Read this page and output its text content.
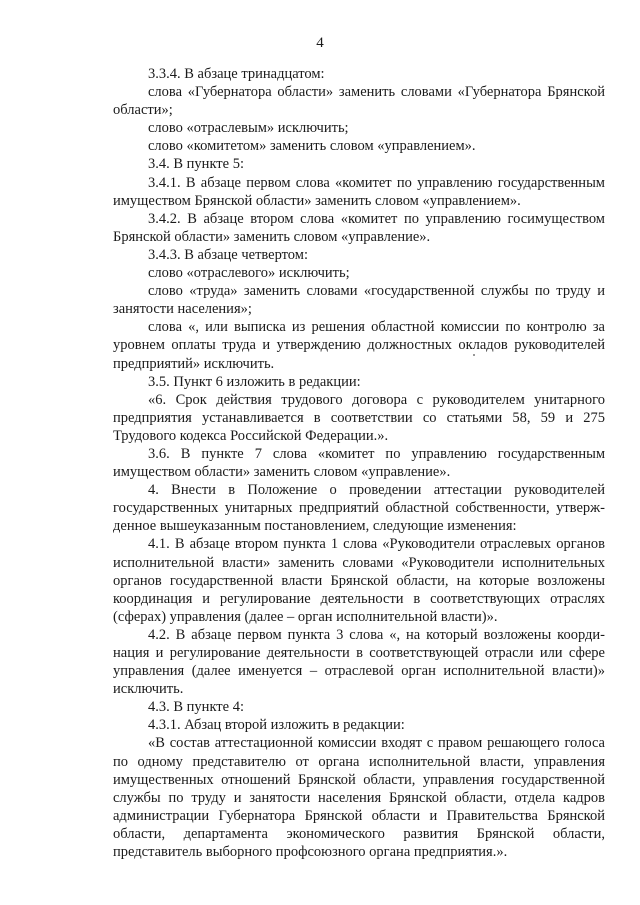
4

3.3.4. В абзаце тринадцатом:

слова «Губернатора области» заменить словами «Губернатора Брянской области»;

слово «отраслевым» исключить;

слово «комитетом» заменить словом «управлением».

3.4. В пункте 5:

3.4.1. В абзаце первом слова «комитет по управлению государственным имуществом Брянской области» заменить словом «управлением».

3.4.2. В абзаце втором слова «комитет по управлению госимуществом Брянской области» заменить словом «управление».

3.4.3. В абзаце четвертом:

слово «отраслевого» исключить;

слово «труда» заменить словами «государственной службы по труду и занятости населения»;

слова «, или выписка из решения областной комиссии по контролю за уровнем оплаты труда и утверждению должностных окладов руководителей предприятий» исключить.

3.5. Пункт 6 изложить в редакции:

«6. Срок действия трудового договора с руководителем унитарного предприятия устанавливается в соответствии со статьями 58, 59 и 275 Трудового кодекса Российской Федерации.».

3.6. В пункте 7 слова «комитет по управлению государственным имуществом области» заменить словом «управление».

4. Внести в Положение о проведении аттестации руководителей государственных унитарных предприятий областной собственности, утвержденное вышеуказанным постановлением, следующие изменения:

4.1. В абзаце втором пункта 1 слова «Руководители отраслевых органов исполнительной власти» заменить словами «Руководители исполнительных органов государственной власти Брянской области, на которые возложены координация и регулирование деятельности в соответствующих отраслях (сферах) управления (далее – орган исполнительной власти)».

4.2. В абзаце первом пункта 3 слова «, на который возложены координация и регулирование деятельности в соответствующей отрасли или сфере управления (далее именуется – отраслевой орган исполнительной власти)» исключить.

4.3. В пункте 4:

4.3.1. Абзац второй изложить в редакции:

«В состав аттестационной комиссии входят с правом решающего голоса по одному представителю от органа исполнительной власти, управления имущественных отношений Брянской области, управления государственной службы по труду и занятости населения Брянской области, отдела кадров администрации Губернатора Брянской области и Правительства Брянской области, департамента экономического развития Брянской области, представитель выборного профсоюзного органа предприятия.».
